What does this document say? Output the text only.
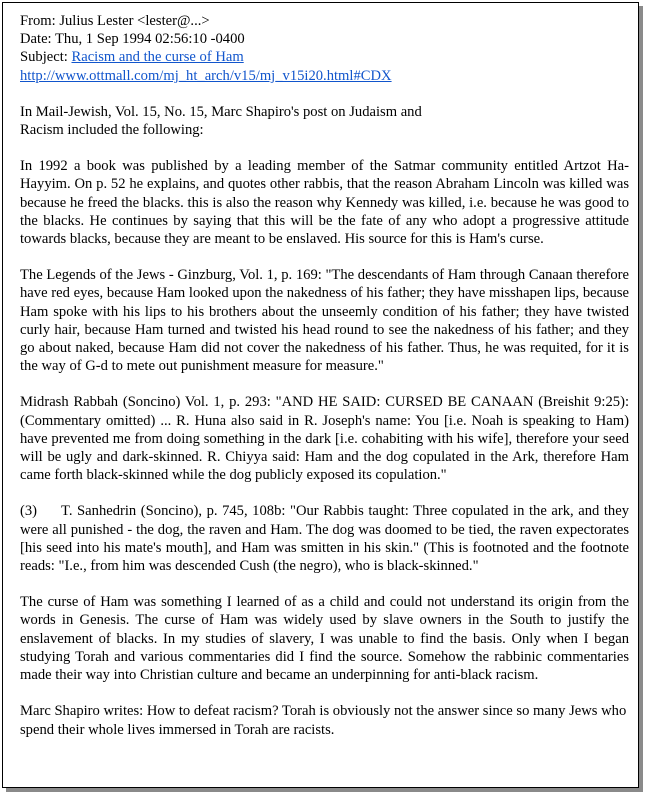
From: Julius Lester <lester@...>
Date: Thu, 1 Sep 1994 02:56:10 -0400
Subject: Racism and the curse of Ham
http://www.ottmall.com/mj_ht_arch/v15/mj_v15i20.html#CDX

In Mail-Jewish, Vol. 15, No. 15, Marc Shapiro's post on Judaism and Racism included the following:

In 1992 a book was published by a leading member of the Satmar community entitled Artzot Ha-Hayyim. On p. 52 he explains, and quotes other rabbis, that the reason Abraham Lincoln was killed was because he freed the blacks. this is also the reason why Kennedy was killed, i.e. because he was good to the blacks. He continues by saying that this will be the fate of any who adopt a progressive attitude towards blacks, because they are meant to be enslaved. His source for this is Ham's curse.

The Legends of the Jews - Ginzburg, Vol. 1, p. 169: "The descendants of Ham through Canaan therefore have red eyes, because Ham looked upon the nakedness of his father; they have misshapen lips, because Ham spoke with his lips to his brothers about the unseemly condition of his father; they have twisted curly hair, because Ham turned and twisted his head round to see the nakedness of his father; and they go about naked, because Ham did not cover the nakedness of his father. Thus, he was requited, for it is the way of G-d to mete out punishment measure for measure."

Midrash Rabbah (Soncino) Vol. 1, p. 293: "AND HE SAID: CURSED BE CANAAN (Breishit 9:25): (Commentary omitted) ... R. Huna also said in R. Joseph's name: You [i.e. Noah is speaking to Ham) have prevented me from doing something in the dark [i.e. cohabiting with his wife], therefore your seed will be ugly and dark-skinned. R. Chiyya said: Ham and the dog copulated in the Ark, therefore Ham came forth black-skinned while the dog publicly exposed its copulation."

(3) T. Sanhedrin (Soncino), p. 745, 108b: "Our Rabbis taught: Three copulated in the ark, and they were all punished - the dog, the raven and Ham. The dog was doomed to be tied, the raven expectorates [his seed into his mate's mouth], and Ham was smitten in his skin." (This is footnoted and the footnote reads: "I.e., from him was descended Cush (the negro), who is black-skinned."

The curse of Ham was something I learned of as a child and could not understand its origin from the words in Genesis. The curse of Ham was widely used by slave owners in the South to justify the enslavement of blacks. In my studies of slavery, I was unable to find the basis. Only when I began studying Torah and various commentaries did I find the source. Somehow the rabbinic commentaries made their way into Christian culture and became an underpinning for anti-black racism.

Marc Shapiro writes: How to defeat racism? Torah is obviously not the answer since so many Jews who spend their whole lives immersed in Torah are racists.
